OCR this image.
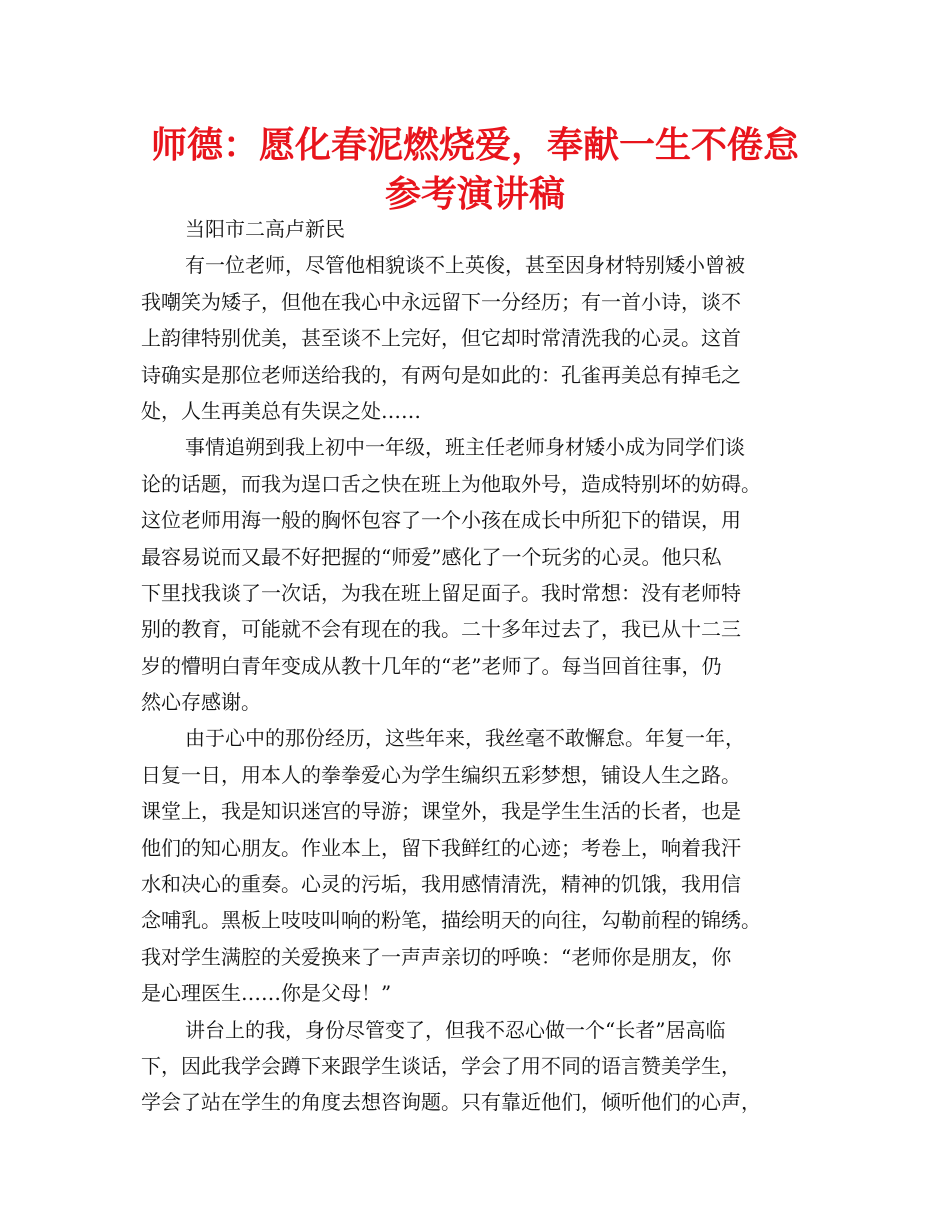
师德：愿化春泥燃烧爱，奉献一生不倦怠
参考演讲稿
当阳市二高卢新民
有一位老师，尽管他相貌谈不上英俊，甚至因身材特别矮小曾被
我嘲笑为矮子，但他在我心中永远留下一分经历；有一首小诗，谈不
上韵律特别优美，甚至谈不上完好，但它却时常清洗我的心灵。这首
诗确实是那位老师送给我的，有两句是如此的：孔雀再美总有掉毛之
处，人生再美总有失误之处……
事情追朔到我上初中一年级，班主任老师身材矮小成为同学们谈
论的话题，而我为逞口舌之快在班上为他取外号，造成特别坏的妨碍。
这位老师用海一般的胸怀包容了一个小孩在成长中所犯下的错误，用
最容易说而又最不好把握的“师爱”感化了一个玩劣的心灵。他只私
下里找我谈了一次话，为我在班上留足面子。我时常想：没有老师特
别的教育，可能就不会有现在的我。二十多年过去了，我已从十二三
岁的懵明白青年变成从教十几年的“老”老师了。每当回首往事，仍
然心存感谢。
由于心中的那份经历，这些年来，我丝毫不敢懈怠。年复一年，
日复一日，用本人的拳拳爱心为学生编织五彩梦想，铺设人生之路。
课堂上，我是知识迷宫的导游；课堂外，我是学生生活的长者，也是
他们的知心朋友。作业本上，留下我鲜红的心迹；考卷上，响着我汗
水和决心的重奏。心灵的污垢，我用感情清洗，精神的饥饿，我用信
念哺乳。黑板上吱吱叫响的粉笔，描绘明天的向往，勾勒前程的锦绣。
我对学生满腔的关爱换来了一声声亲切的呼唤：“老师你是朋友，你
是心理医生……你是父母！”
讲台上的我，身份尽管变了，但我不忍心做一个“长者”居高临
下，因此我学会蹲下来跟学生谈话，学会了用不同的语言赞美学生，
学会了站在学生的角度去想咨询题。只有靠近他们，倾听他们的心声，
